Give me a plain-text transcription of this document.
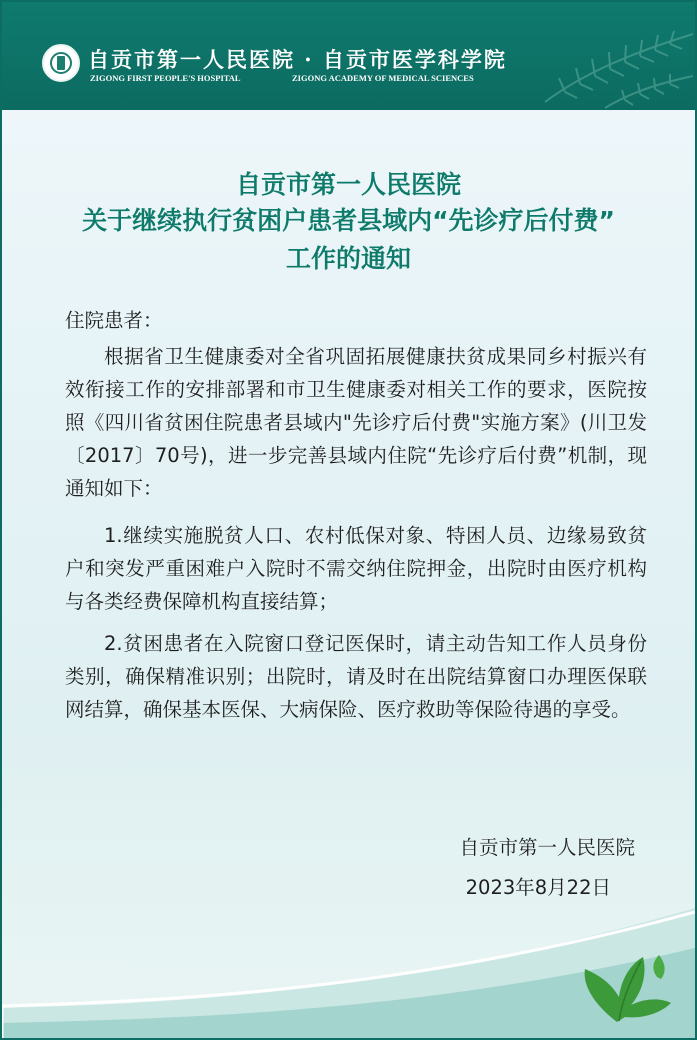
自贡市第一人民医院 · 自贡市医学科学院
ZIGONG FIRST PEOPLE'S HOSPITAL	ZIGONG ACADEMY OF MEDICAL SCIENCES
自贡市第一人民医院
关于继续执行贫困户患者县域内“先诊疗后付费”
工作的通知

住院患者：

根据省卫生健康委对全省巩固拓展健康扶贫成果同乡村振兴有效衔接工作的安排部署和市卫生健康委对相关工作的要求，医院按照《四川省贫困住院患者县域内"先诊疗后付费"实施方案》(川卫发〔2017〕70号)，进一步完善县域内住院“先诊疗后付费”机制，现通知如下：

1.继续实施脱贫人口、农村低保对象、特困人员、边缘易致贫户和突发严重困难户入院时不需交纳住院押金，出院时由医疗机构与各类经费保障机构直接结算；

2.贫困患者在入院窗口登记医保时，请主动告知工作人员身份类别，确保精准识别；出院时，请及时在出院结算窗口办理医保联网结算，确保基本医保、大病保险、医疗救助等保险待遇的享受。

自贡市第一人民医院
2023年8月22日
